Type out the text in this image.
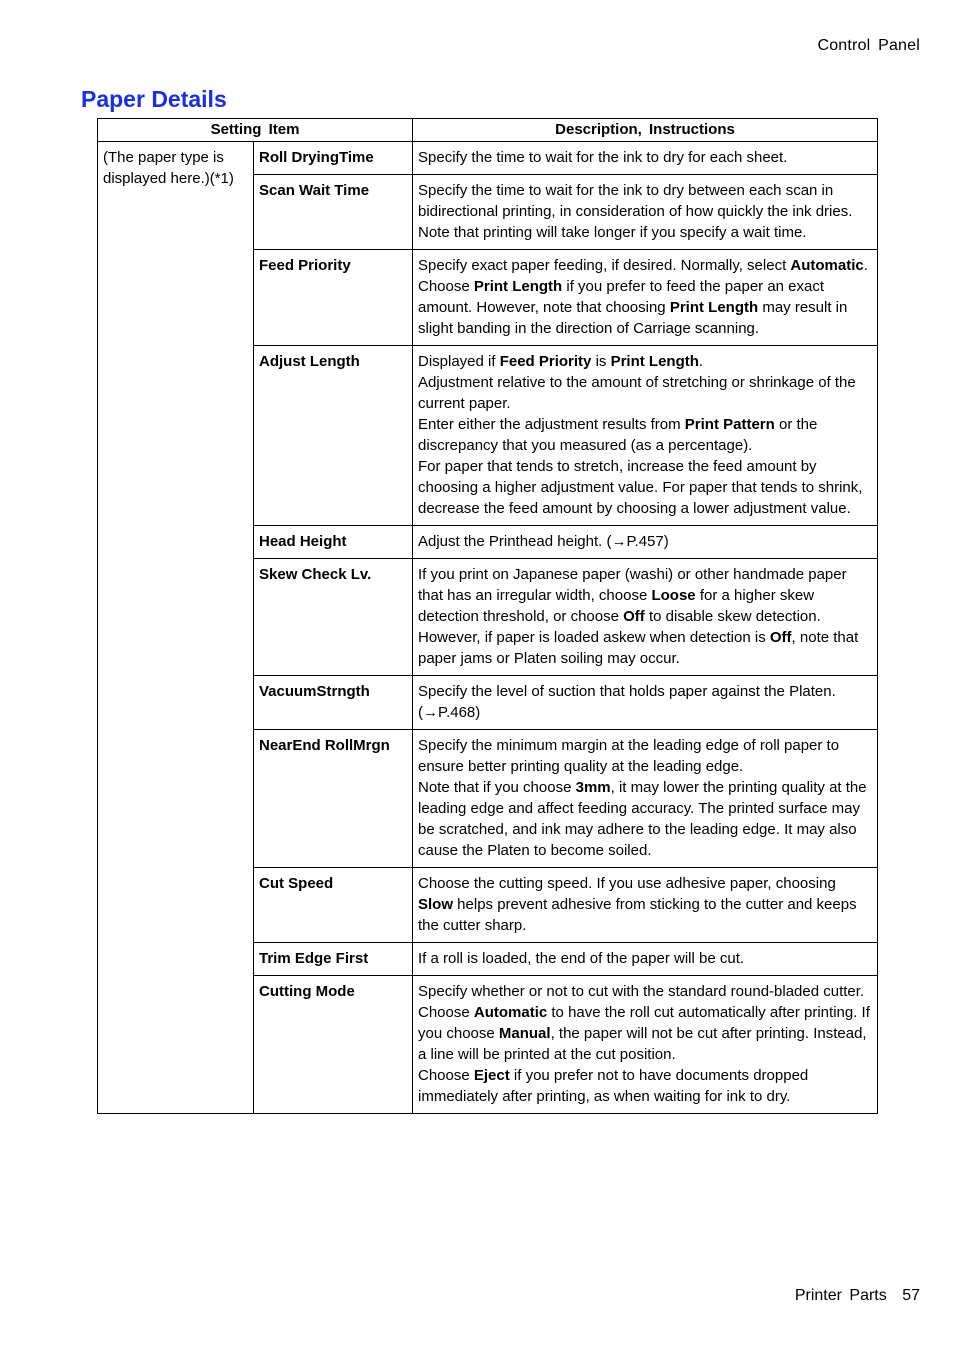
Control Panel
Paper Details
Setting Item		Description, Instructions
(The paper type is displayed here.)(*1)	Roll DryingTime	Specify the time to wait for the ink to dry for each sheet.

	Scan Wait Time	Specify the time to wait for the ink to dry between each scan in bidirectional printing, in consideration of how quickly the ink dries. Note that printing will take longer if you specify a wait time.

	Feed Priority	Specify exact paper feeding, if desired. Normally, select Automatic. Choose Print Length if you prefer to feed the paper an exact amount. However, note that choosing Print Length may result in slight banding in the direction of Carriage scanning.

	Adjust Length	Displayed if Feed Priority is Print Length.
Adjustment relative to the amount of stretching or shrinkage of the current paper.
Enter either the adjustment results from Print Pattern or the discrepancy that you measured (as a percentage).
For paper that tends to stretch, increase the feed amount by choosing a higher adjustment value. For paper that tends to shrink, decrease the feed amount by choosing a lower adjustment value.

	Head Height	Adjust the Printhead height. (→P.457)

	Skew Check Lv.	If you print on Japanese paper (washi) or other handmade paper that has an irregular width, choose Loose for a higher skew detection threshold, or choose Off to disable skew detection. However, if paper is loaded askew when detection is Off, note that paper jams or Platen soiling may occur.

	VacuumStrngth	Specify the level of suction that holds paper against the Platen. (→P.468)

	NearEnd RollMrgn	Specify the minimum margin at the leading edge of roll paper to ensure better printing quality at the leading edge.
Note that if you choose 3mm, it may lower the printing quality at the leading edge and affect feeding accuracy. The printed surface may be scratched, and ink may adhere to the leading edge. It may also cause the Platen to become soiled.

	Cut Speed	Choose the cutting speed. If you use adhesive paper, choosing Slow helps prevent adhesive from sticking to the cutter and keeps the cutter sharp.

	Trim Edge First	If a roll is loaded, the end of the paper will be cut.

	Cutting Mode	Specify whether or not to cut with the standard round-bladed cutter.
Choose Automatic to have the roll cut automatically after printing. If you choose Manual, the paper will not be cut after printing. Instead, a line will be printed at the cut position.
Choose Eject if you prefer not to have documents dropped immediately after printing, as when waiting for ink to dry.
Printer Parts 57
